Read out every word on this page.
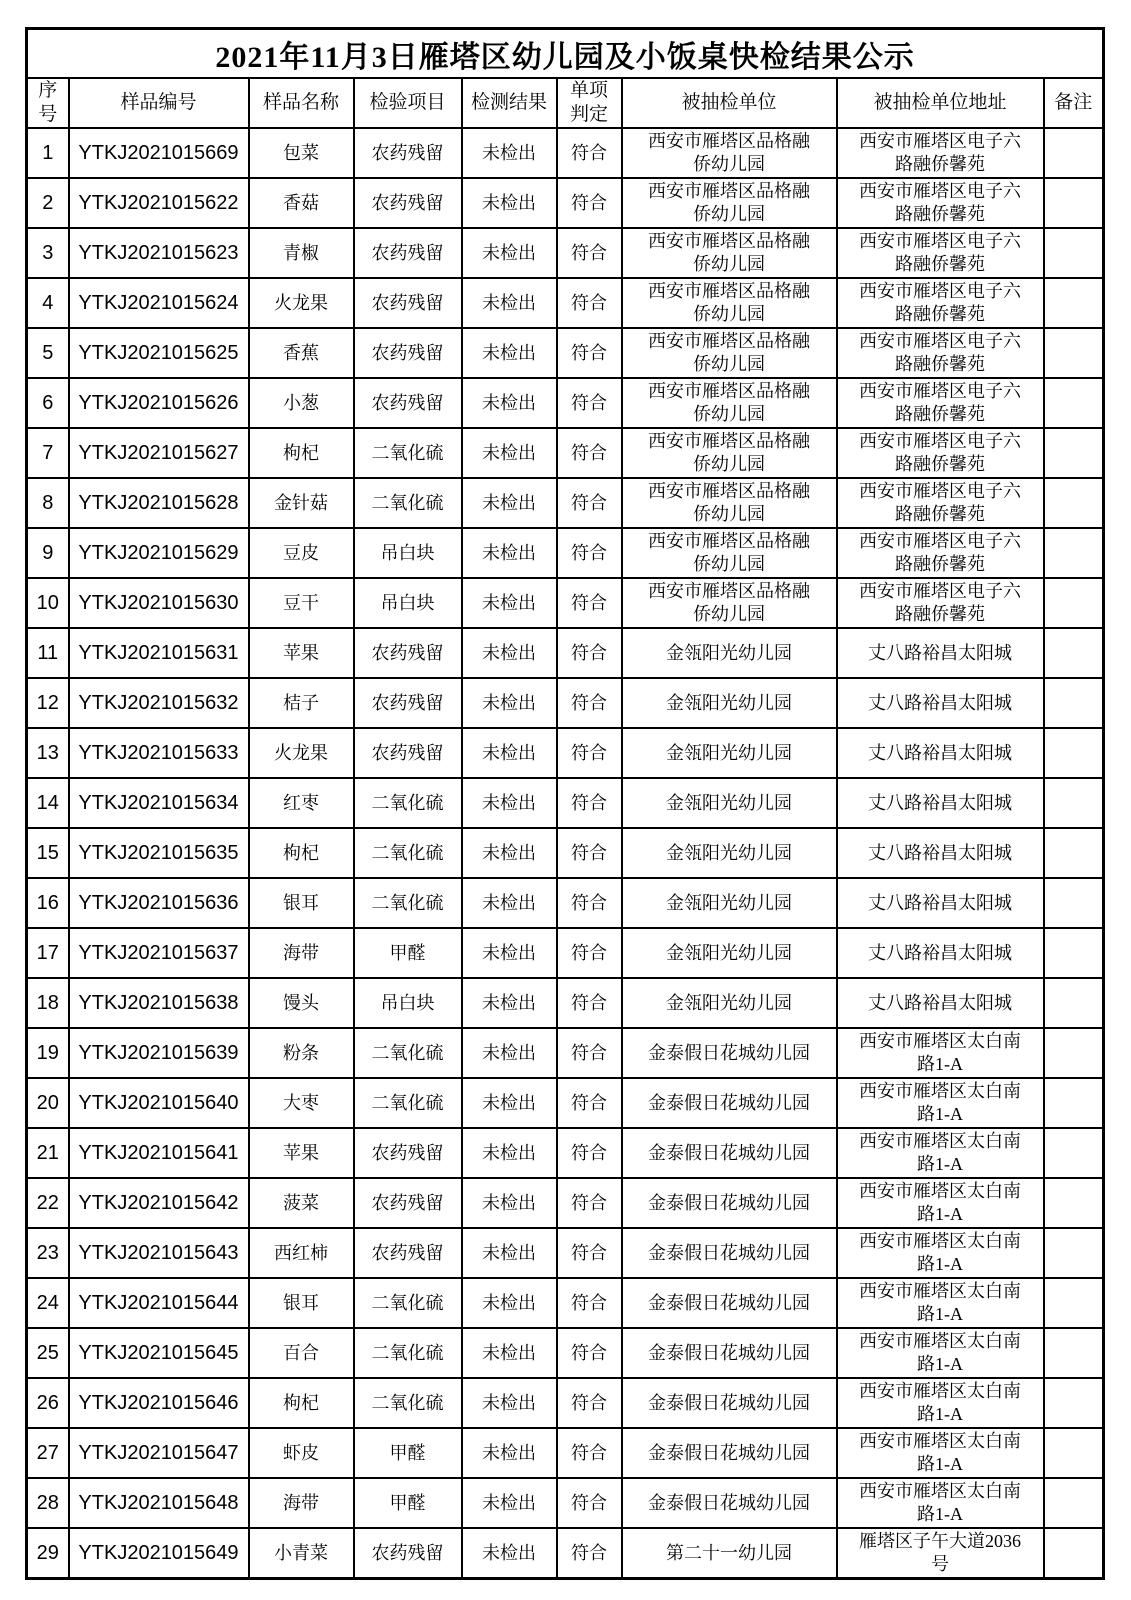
2021年11月3日雁塔区幼儿园及小饭桌快检结果公示								
序号	样品编号	样品名称	检验项目	检测结果	单项判定	被抽检单位	被抽检单位地址	备注
1	YTKJ2021015669	包菜	农药残留	未检出	符合	西安市雁塔区品格融侨幼儿园	西安市雁塔区电子六路融侨馨苑	
2	YTKJ2021015622	香菇	农药残留	未检出	符合	西安市雁塔区品格融侨幼儿园	西安市雁塔区电子六路融侨馨苑	
3	YTKJ2021015623	青椒	农药残留	未检出	符合	西安市雁塔区品格融侨幼儿园	西安市雁塔区电子六路融侨馨苑	
4	YTKJ2021015624	火龙果	农药残留	未检出	符合	西安市雁塔区品格融侨幼儿园	西安市雁塔区电子六路融侨馨苑	
5	YTKJ2021015625	香蕉	农药残留	未检出	符合	西安市雁塔区品格融侨幼儿园	西安市雁塔区电子六路融侨馨苑	
6	YTKJ2021015626	小葱	农药残留	未检出	符合	西安市雁塔区品格融侨幼儿园	西安市雁塔区电子六路融侨馨苑	
7	YTKJ2021015627	枸杞	二氧化硫	未检出	符合	西安市雁塔区品格融侨幼儿园	西安市雁塔区电子六路融侨馨苑	
8	YTKJ2021015628	金针菇	二氧化硫	未检出	符合	西安市雁塔区品格融侨幼儿园	西安市雁塔区电子六路融侨馨苑	
9	YTKJ2021015629	豆皮	吊白块	未检出	符合	西安市雁塔区品格融侨幼儿园	西安市雁塔区电子六路融侨馨苑	
10	YTKJ2021015630	豆干	吊白块	未检出	符合	西安市雁塔区品格融侨幼儿园	西安市雁塔区电子六路融侨馨苑	
11	YTKJ2021015631	苹果	农药残留	未检出	符合	金瓴阳光幼儿园	丈八路裕昌太阳城	
12	YTKJ2021015632	桔子	农药残留	未检出	符合	金瓴阳光幼儿园	丈八路裕昌太阳城	
13	YTKJ2021015633	火龙果	农药残留	未检出	符合	金瓴阳光幼儿园	丈八路裕昌太阳城	
14	YTKJ2021015634	红枣	二氧化硫	未检出	符合	金瓴阳光幼儿园	丈八路裕昌太阳城	
15	YTKJ2021015635	枸杞	二氧化硫	未检出	符合	金瓴阳光幼儿园	丈八路裕昌太阳城	
16	YTKJ2021015636	银耳	二氧化硫	未检出	符合	金瓴阳光幼儿园	丈八路裕昌太阳城	
17	YTKJ2021015637	海带	甲醛	未检出	符合	金瓴阳光幼儿园	丈八路裕昌太阳城	
18	YTKJ2021015638	馒头	吊白块	未检出	符合	金瓴阳光幼儿园	丈八路裕昌太阳城	
19	YTKJ2021015639	粉条	二氧化硫	未检出	符合	金泰假日花城幼儿园	西安市雁塔区太白南路1-A	
20	YTKJ2021015640	大枣	二氧化硫	未检出	符合	金泰假日花城幼儿园	西安市雁塔区太白南路1-A	
21	YTKJ2021015641	苹果	农药残留	未检出	符合	金泰假日花城幼儿园	西安市雁塔区太白南路1-A	
22	YTKJ2021015642	菠菜	农药残留	未检出	符合	金泰假日花城幼儿园	西安市雁塔区太白南路1-A	
23	YTKJ2021015643	西红柿	农药残留	未检出	符合	金泰假日花城幼儿园	西安市雁塔区太白南路1-A	
24	YTKJ2021015644	银耳	二氧化硫	未检出	符合	金泰假日花城幼儿园	西安市雁塔区太白南路1-A	
25	YTKJ2021015645	百合	二氧化硫	未检出	符合	金泰假日花城幼儿园	西安市雁塔区太白南路1-A	
26	YTKJ2021015646	枸杞	二氧化硫	未检出	符合	金泰假日花城幼儿园	西安市雁塔区太白南路1-A	
27	YTKJ2021015647	虾皮	甲醛	未检出	符合	金泰假日花城幼儿园	西安市雁塔区太白南路1-A	
28	YTKJ2021015648	海带	甲醛	未检出	符合	金泰假日花城幼儿园	西安市雁塔区太白南路1-A	
29	YTKJ2021015649	小青菜	农药残留	未检出	符合	第二十一幼儿园	雁塔区子午大道2036号	
